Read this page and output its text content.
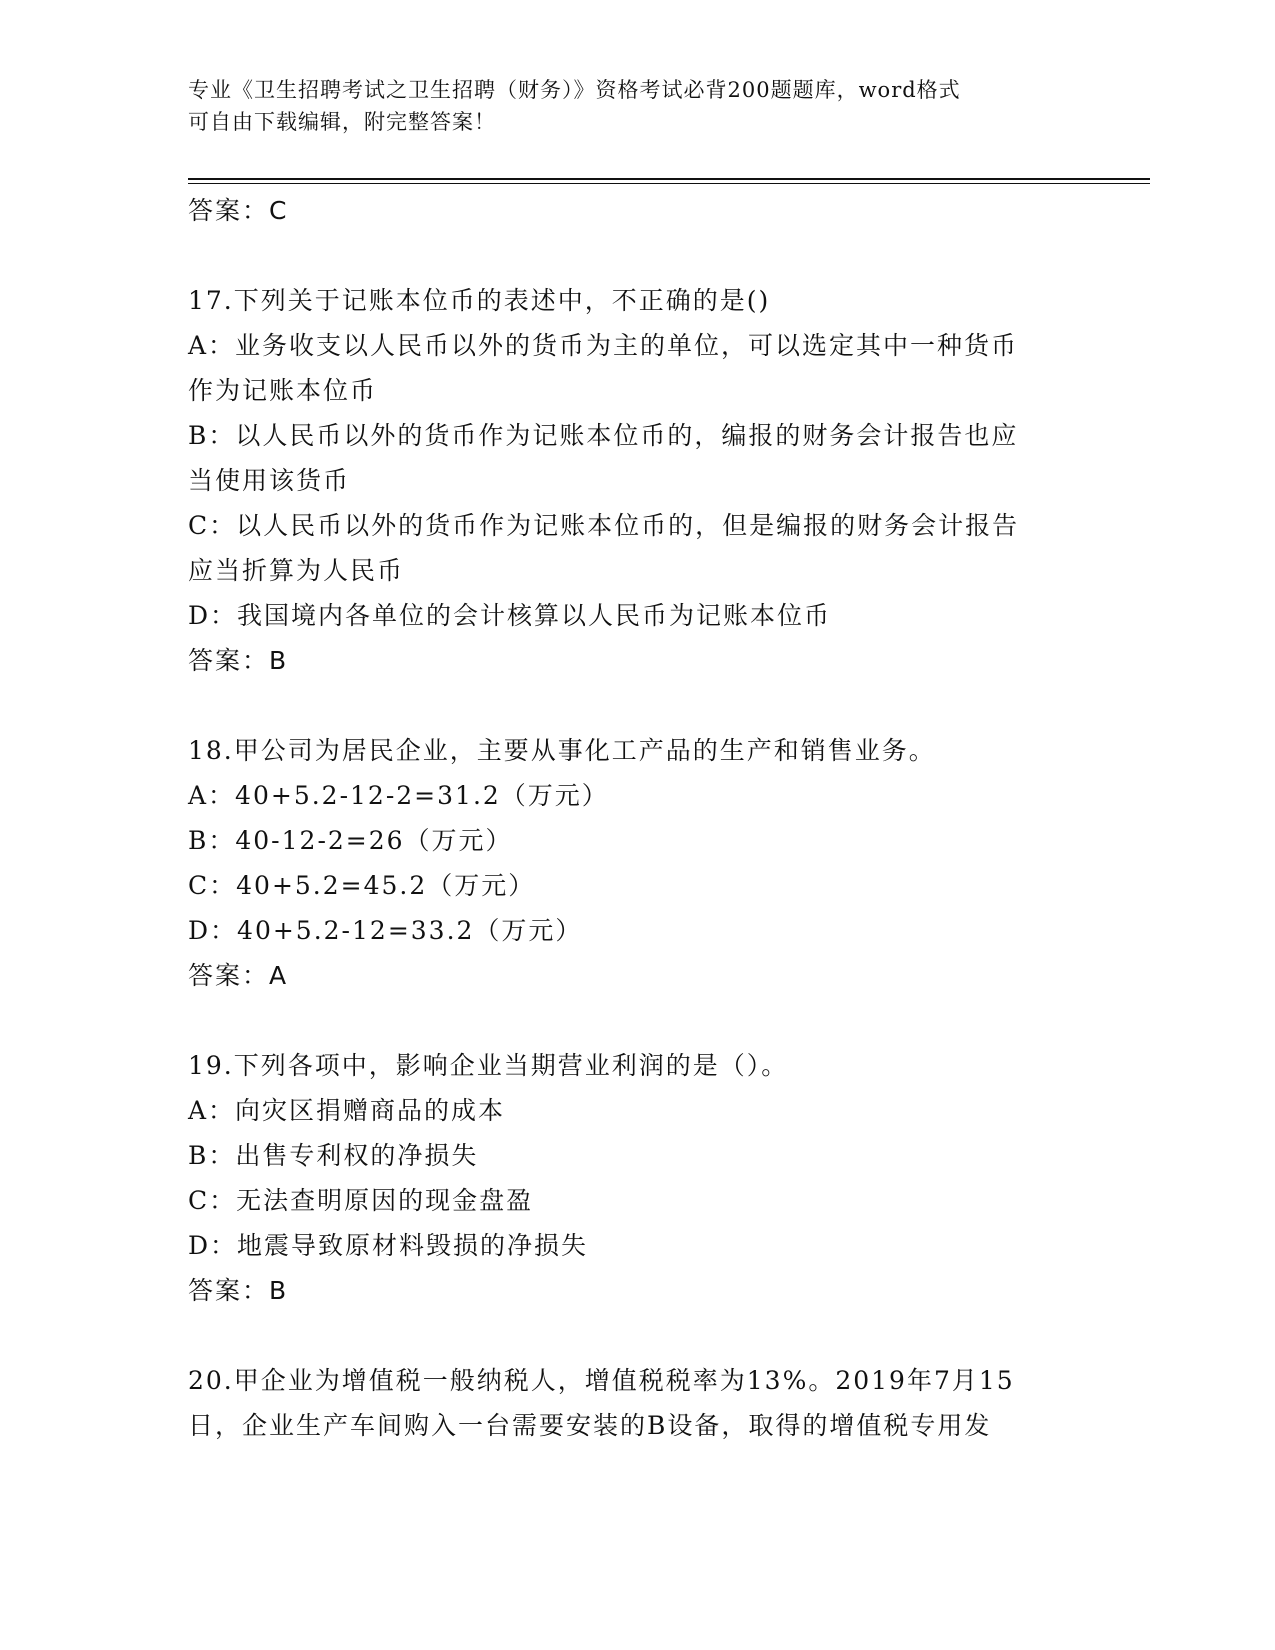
专业《卫生招聘考试之卫生招聘（财务）》资格考试必背200题题库，word格式
可自由下载编辑，附完整答案！
答案：C
17.下列关于记账本位币的表述中，不正确的是()
A：业务收支以人民币以外的货币为主的单位，可以选定其中一种货币
作为记账本位币
B：以人民币以外的货币作为记账本位币的，编报的财务会计报告也应
当使用该货币
C：以人民币以外的货币作为记账本位币的，但是编报的财务会计报告
应当折算为人民币
D：我国境内各单位的会计核算以人民币为记账本位币
答案：B
18.甲公司为居民企业，主要从事化工产品的生产和销售业务。
A：40+5.2-12-2=31.2（万元）
B：40-12-2=26（万元）
C：40+5.2=45.2（万元）
D：40+5.2-12=33.2（万元）
答案：A
19.下列各项中，影响企业当期营业利润的是（）。
A：向灾区捐赠商品的成本
B：出售专利权的净损失
C：无法查明原因的现金盘盈
D：地震导致原材料毁损的净损失
答案：B
20.甲企业为增值税一般纳税人，增值税税率为13%。2019年7月15
日，企业生产车间购入一台需要安装的B设备，取得的增值税专用发
